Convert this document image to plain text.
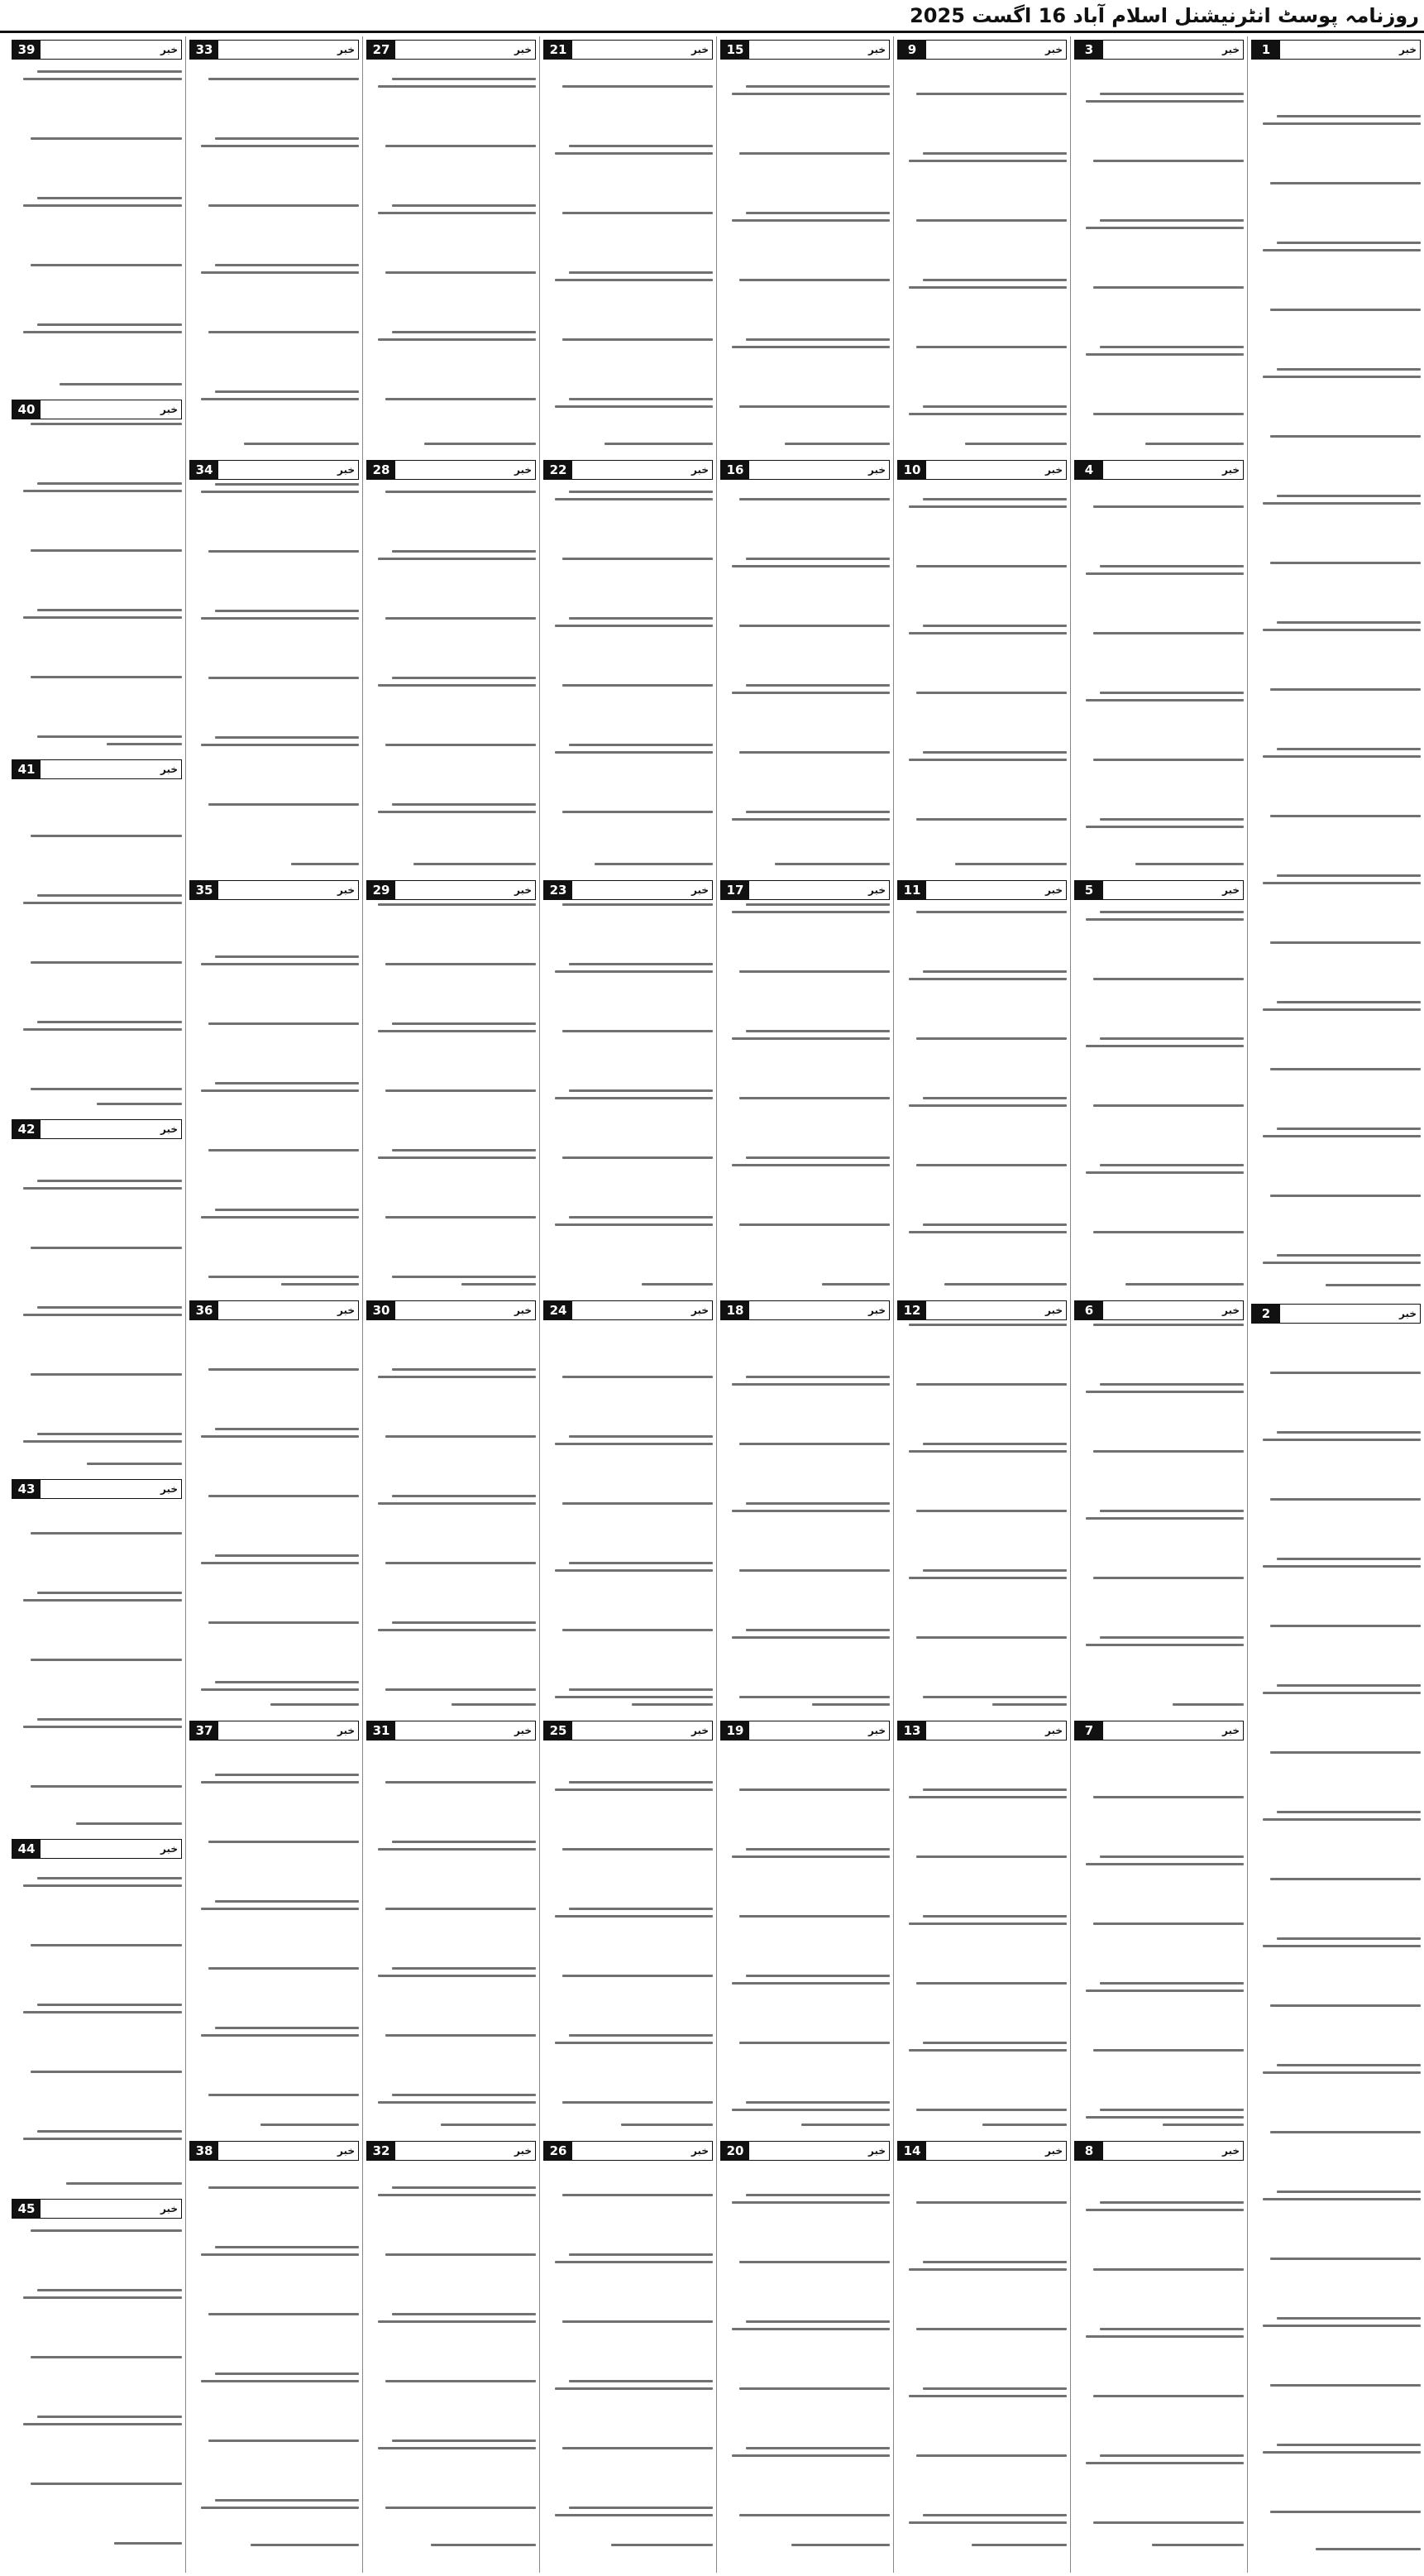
روزنامہ پوسٹ انٹرنیشنل اسلام آباد 16 اگست 2025
1	خبر
2	خبر
3	خبر
4	خبر
5	خبر
6	خبر
7	خبر
8	خبر
9	خبر
10	خبر
11	خبر
12	خبر
13	خبر
14	خبر
15	خبر
16	خبر
17	خبر
18	خبر
19	خبر
20	خبر
21	خبر
22	خبر
23	خبر
24	خبر
25	خبر
26	خبر
27	خبر
28	خبر
29	خبر
30	خبر
31	خبر
32	خبر
33	خبر
34	خبر
35	خبر
36	خبر
37	خبر
38	خبر
39	خبر
40	خبر
41	خبر
42	خبر
43	خبر
44	خبر
45	خبر
